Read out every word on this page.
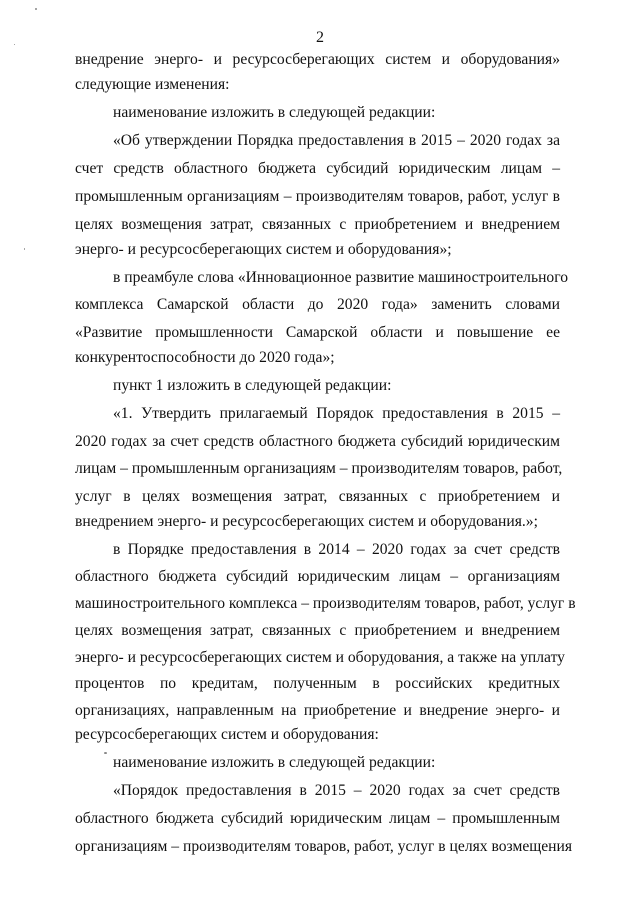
2
внедрение энерго- и ресурсосберегающих систем и оборудования»
следующие изменения:
наименование изложить в следующей редакции:
«Об утверждении Порядка предоставления в 2015 – 2020 годах за
счет средств областного бюджета субсидий юридическим лицам –
промышленным организациям – производителям товаров, работ, услуг в
целях возмещения затрат, связанных с приобретением и внедрением
энерго- и ресурсосберегающих систем и оборудования»;
в преамбуле слова «Инновационное развитие машиностроительного
комплекса Самарской области до 2020 года» заменить словами
«Развитие промышленности Самарской области и повышение ее
конкурентоспособности до 2020 года»;
пункт 1 изложить в следующей редакции:
«1. Утвердить прилагаемый Порядок предоставления в 2015 –
2020 годах за счет средств областного бюджета субсидий юридическим
лицам – промышленным организациям – производителям товаров, работ,
услуг в целях возмещения затрат, связанных с приобретением и
внедрением энерго- и ресурсосберегающих систем и оборудования.»;
в Порядке предоставления в 2014 – 2020 годах за счет средств
областного бюджета субсидий юридическим лицам – организациям
машиностроительного комплекса – производителям товаров, работ, услуг в
целях возмещения затрат, связанных с приобретением и внедрением
энерго- и ресурсосберегающих систем и оборудования, а также на уплату
процентов по кредитам, полученным в российских кредитных
организациях, направленным на приобретение и внедрение энерго- и
ресурсосберегающих систем и оборудования:
наименование изложить в следующей редакции:
«Порядок предоставления в 2015 – 2020 годах за счет средств
областного бюджета субсидий юридическим лицам – промышленным
организациям – производителям товаров, работ, услуг в целях возмещения
